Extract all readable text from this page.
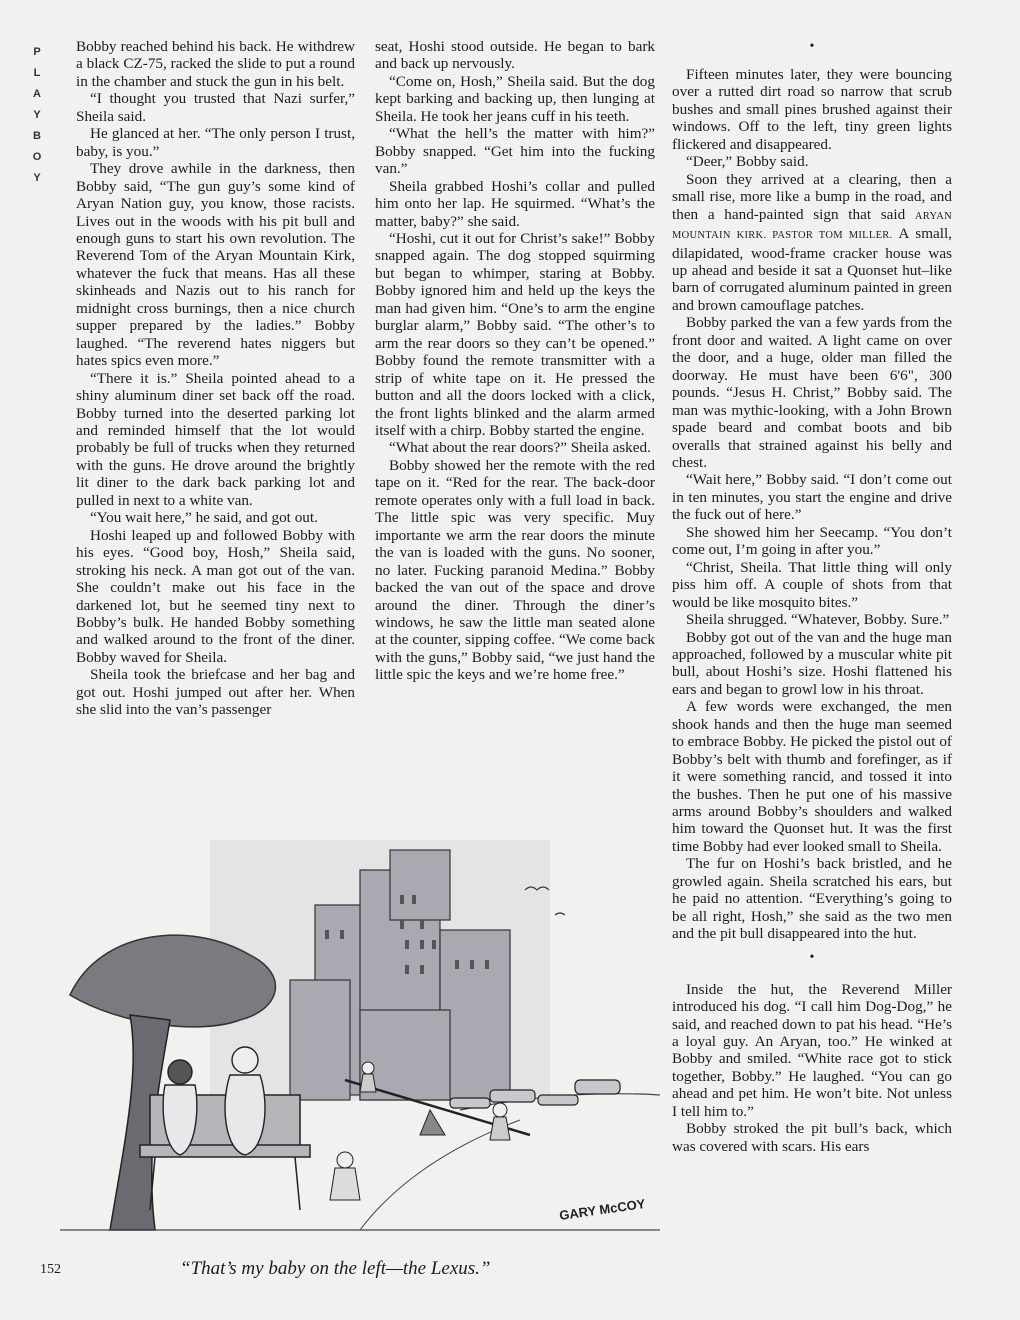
P
L
A
Y
B
O
Y

Bobby reached behind his back. He withdrew a black CZ-75, racked the slide to put a round in the chamber and stuck the gun in his belt.

“I thought you trusted that Nazi surfer,” Sheila said.

He glanced at her. “The only person I trust, baby, is you.”

They drove awhile in the darkness, then Bobby said, “The gun guy’s some kind of Aryan Nation guy, you know, those racists. Lives out in the woods with his pit bull and enough guns to start his own revolution. The Reverend Tom of the Aryan Mountain Kirk, whatever the fuck that means. Has all these skinheads and Nazis out to his ranch for midnight cross burnings, then a nice church supper prepared by the ladies.” Bobby laughed. “The reverend hates niggers but hates spics even more.”

“There it is.” Sheila pointed ahead to a shiny aluminum diner set back off the road. Bobby turned into the deserted parking lot and reminded himself that the lot would probably be full of trucks when they returned with the guns. He drove around the brightly lit diner to the dark back parking lot and pulled in next to a white van.

“You wait here,” he said, and got out.

Hoshi leaped up and followed Bobby with his eyes. “Good boy, Hosh,” Sheila said, stroking his neck. A man got out of the van. She couldn’t make out his face in the darkened lot, but he seemed tiny next to Bobby’s bulk. He handed Bobby something and walked around to the front of the diner. Bobby waved for Sheila.

Sheila took the briefcase and her bag and got out. Hoshi jumped out after her. When she slid into the van’s passenger

seat, Hoshi stood outside. He began to bark and back up nervously.

“Come on, Hosh,” Sheila said. But the dog kept barking and backing up, then lunging at Sheila. He took her jeans cuff in his teeth.

“What the hell’s the matter with him?” Bobby snapped. “Get him into the fucking van.”

Sheila grabbed Hoshi’s collar and pulled him onto her lap. He squirmed. “What’s the matter, baby?” she said.

“Hoshi, cut it out for Christ’s sake!” Bobby snapped again. The dog stopped squirming but began to whimper, staring at Bobby. Bobby ignored him and held up the keys the man had given him. “One’s to arm the engine burglar alarm,” Bobby said. “The other’s to arm the rear doors so they can’t be opened.” Bobby found the remote transmitter with a strip of white tape on it. He pressed the button and all the doors locked with a click, the front lights blinked and the alarm armed itself with a chirp. Bobby started the engine.

“What about the rear doors?” Sheila asked.

Bobby showed her the remote with the red tape on it. “Red for the rear. The back-door remote operates only with a full load in back. The little spic was very specific. Muy importante we arm the rear doors the minute the van is loaded with the guns. No sooner, no later. Fucking paranoid Medina.” Bobby backed the van out of the space and drove around the diner. Through the diner’s windows, he saw the little man seated alone at the counter, sipping coffee. “We come back with the guns,” Bobby said, “we just hand the little spic the keys and we’re home free.”

•

Fifteen minutes later, they were bouncing over a rutted dirt road so narrow that scrub bushes and small pines brushed against their windows. Off to the left, tiny green lights flickered and disappeared.

“Deer,” Bobby said.

Soon they arrived at a clearing, then a small rise, more like a bump in the road, and then a hand-painted sign that said ARYAN MOUNTAIN KIRK. PASTOR TOM MILLER. A small, dilapidated, wood-frame cracker house was up ahead and beside it sat a Quonset hut–like barn of corrugated aluminum painted in green and brown camouflage patches.

Bobby parked the van a few yards from the front door and waited. A light came on over the door, and a huge, older man filled the doorway. He must have been 6'6", 300 pounds. “Jesus H. Christ,” Bobby said. The man was mythic-looking, with a John Brown spade beard and combat boots and bib overalls that strained against his belly and chest.

“Wait here,” Bobby said. “I don’t come out in ten minutes, you start the engine and drive the fuck out of here.”

She showed him her Seecamp. “You don’t come out, I’m going in after you.”

“Christ, Sheila. That little thing will only piss him off. A couple of shots from that would be like mosquito bites.”

Sheila shrugged. “Whatever, Bobby. Sure.”

Bobby got out of the van and the huge man approached, followed by a muscular white pit bull, about Hoshi’s size. Hoshi flattened his ears and began to growl low in his throat.

A few words were exchanged, the men shook hands and then the huge man seemed to embrace Bobby. He picked the pistol out of Bobby’s belt with thumb and forefinger, as if it were something rancid, and tossed it into the bushes. Then he put one of his massive arms around Bobby’s shoulders and walked him toward the Quonset hut. It was the first time Bobby had ever looked small to Sheila.

The fur on Hoshi’s back bristled, and he growled again. Sheila scratched his ears, but he paid no attention. “Everything’s going to be all right, Hosh,” she said as the two men and the pit bull disappeared into the hut.

•

Inside the hut, the Reverend Miller introduced his dog. “I call him Dog-Dog,” he said, and reached down to pat his head. “He’s a loyal guy. An Aryan, too.” He winked at Bobby and smiled. “White race got to stick together, Bobby.” He laughed. “You can go ahead and pet him. He won’t bite. Not unless I tell him to.”

Bobby stroked the pit bull’s back, which was covered with scars. His ears

GARY McCOY
“That’s my baby on the left—the Lexus.”
152
